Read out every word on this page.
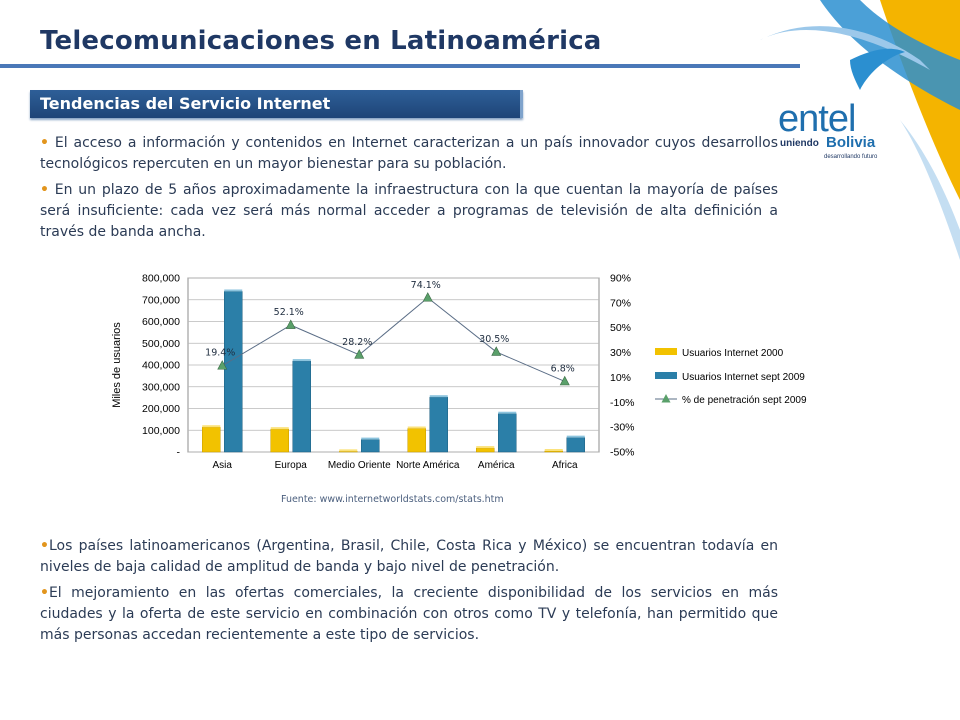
Telecomunicaciones en Latinoamérica
Tendencias del Servicio Internet	entel
uniendo Bolivia
desarrollando futuro
• El acceso a información y contenidos en Internet caracterizan a un país innovador cuyos desarrollos tecnológicos repercuten en un mayor bienestar para su población.
• En un plazo de 5 años aproximadamente la infraestructura con la que cuentan la mayoría de países será insuficiente: cada vez será más normal acceder a programas de televisión de alta definición a través de banda ancha.
-
100,000
200,000
300,000
400,000
500,000
600,000
700,000
800,000
-50%
-30%
-10%
10%
30%
50%
70%
90%
Miles de usuarios
Asia	Europa Medio Oriente Norte América América	Africa
19.4%
52.1%
28.2%
74.1%
30.5%
6.8%
Usuarios Internet 2000
Usuarios Internet sept 2009
% de penetración sept 2009
Fuente: www.internetworldstats.com/stats.htm
•Los países latinoamericanos (Argentina, Brasil, Chile, Costa Rica y México) se encuentran todavía en niveles de baja calidad de amplitud de banda y bajo nivel de penetración.
•El mejoramiento en las ofertas comerciales, la creciente disponibilidad de los servicios en más ciudades y la oferta de este servicio en combinación con otros como TV y telefonía, han permitido que más personas accedan recientemente a este tipo de servicios.
